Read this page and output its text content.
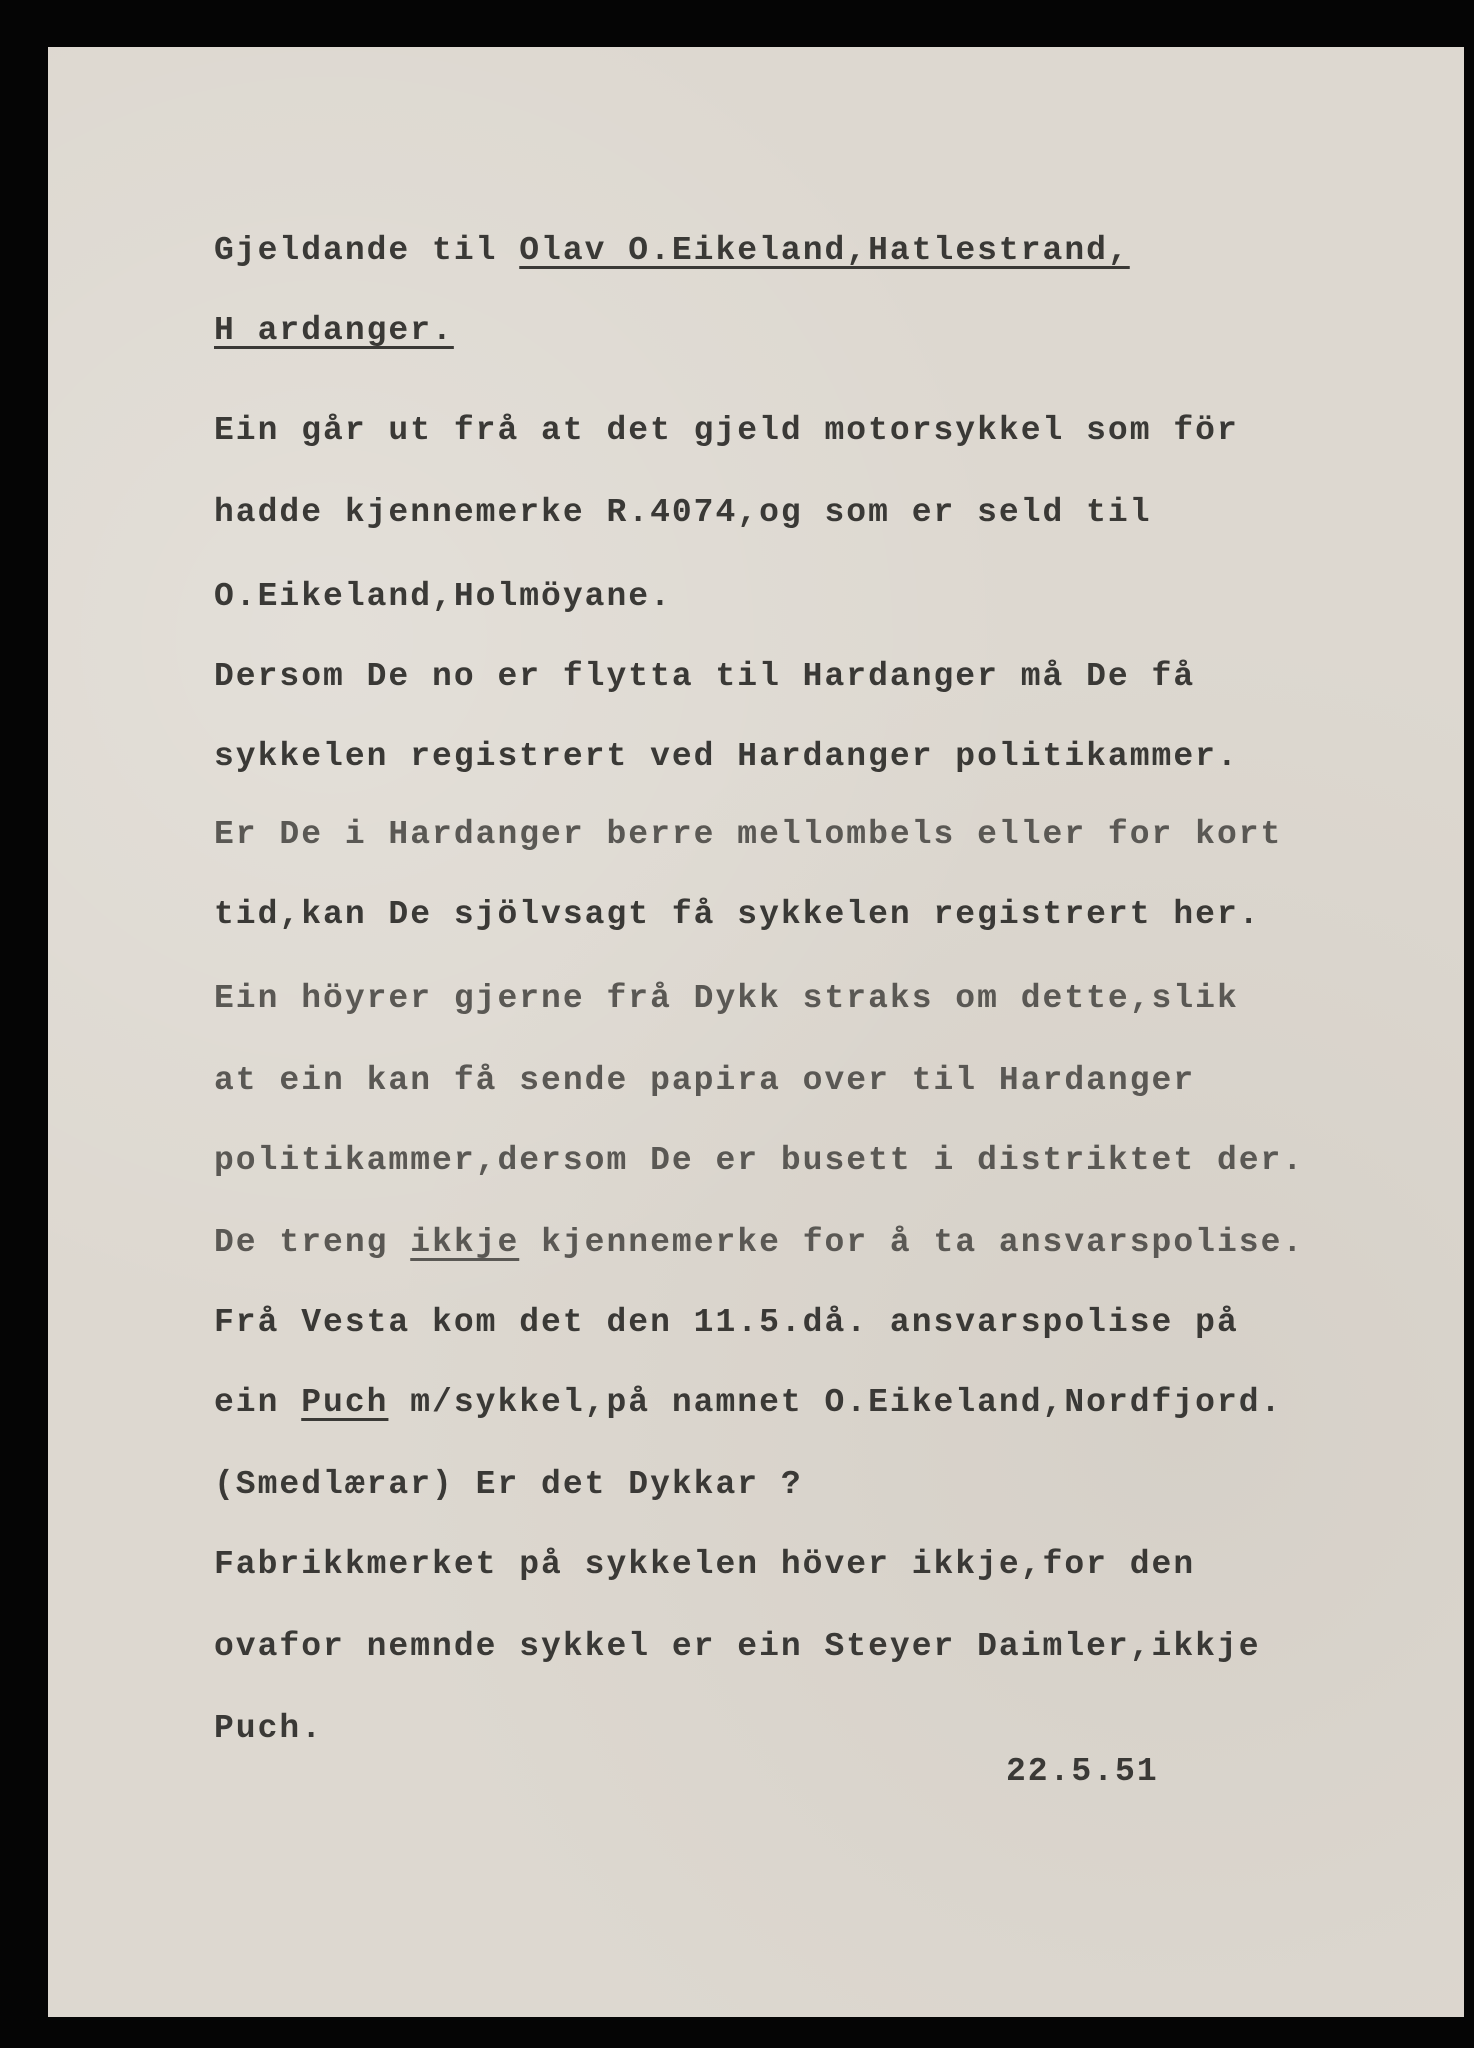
Gjeldande til Olav O.Eikeland,Hatlestrand,
H ardanger.
Ein går ut frå at det gjeld motorsykkel som för
hadde kjennemerke R.4074,og som er seld til
O.Eikeland,Holmöyane.
Dersom De no er flytta til Hardanger må De få
sykkelen registrert ved Hardanger politikammer.
Er De i Hardanger berre mellombels eller for kort
tid,kan De sjölvsagt få sykkelen registrert her.
Ein höyrer gjerne frå Dykk straks om dette,slik
at ein kan få sende papira over til Hardanger
politikammer,dersom De er busett i distriktet der.
De treng ikkje kjennemerke for å ta ansvarspolise.
Frå Vesta kom det den 11.5.då. ansvarspolise på
ein Puch m/sykkel,på namnet O.Eikeland,Nordfjord.
(Smedlærar) Er det Dykkar ?
Fabrikkmerket på sykkelen höver ikkje,for den
ovafor nemnde sykkel er ein Steyer Daimler,ikkje
Puch.
22.5.51
